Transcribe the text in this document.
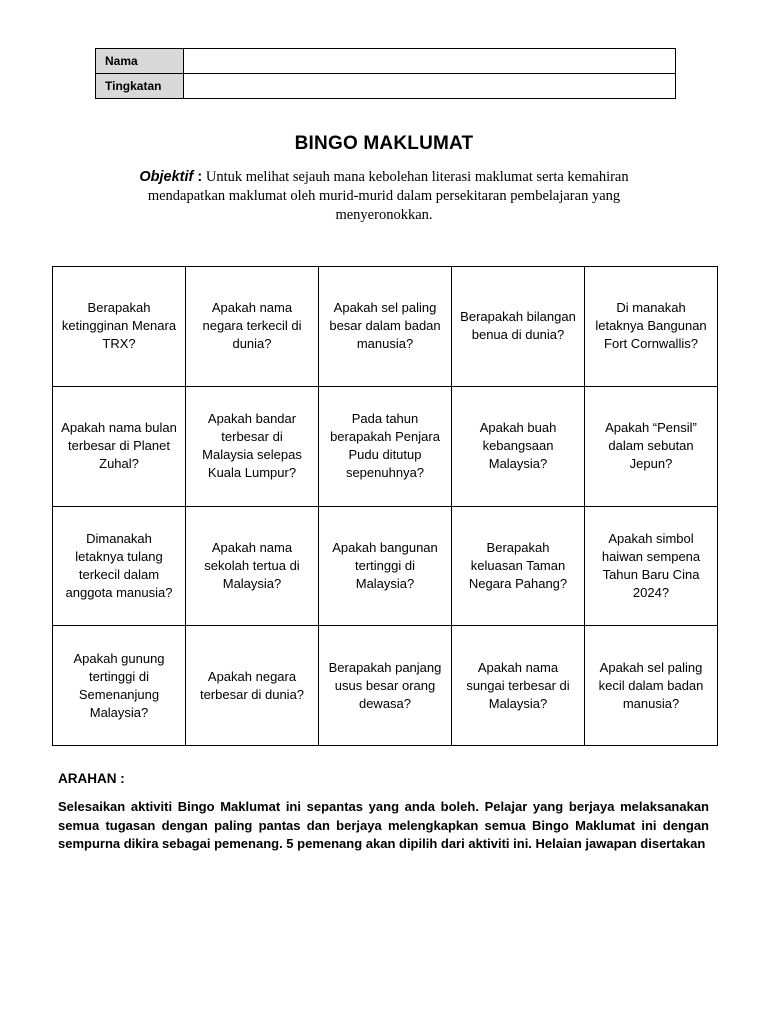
Nama	
Tingkatan	
BINGO MAKLUMAT
Objektif : Untuk melihat sejauh mana kebolehan literasi maklumat serta kemahiran mendapatkan maklumat oleh murid-murid dalam persekitaran pembelajaran yang menyeronokkan.
Berapakah ketingginan Menara TRX?	Apakah nama negara terkecil di dunia?	Apakah sel paling besar dalam badan manusia?	Berapakah bilangan benua di dunia?	Di manakah letaknya Bangunan Fort Cornwallis?
Apakah nama bulan terbesar di Planet Zuhal?	Apakah bandar terbesar di Malaysia selepas Kuala Lumpur?	Pada tahun berapakah Penjara Pudu ditutup sepenuhnya?	Apakah buah kebangsaan Malaysia?	Apakah “Pensil” dalam sebutan Jepun?
Dimanakah letaknya tulang terkecil dalam anggota manusia?	Apakah nama sekolah tertua di Malaysia?	Apakah bangunan tertinggi di Malaysia?	Berapakah keluasan Taman Negara Pahang?	Apakah simbol haiwan sempena Tahun Baru Cina 2024?
Apakah gunung tertinggi di Semenanjung Malaysia?	Apakah negara terbesar di dunia?	Berapakah panjang usus besar orang dewasa?	Apakah nama sungai terbesar di Malaysia?	Apakah sel paling kecil dalam badan manusia?
ARAHAN :
Selesaikan aktiviti Bingo Maklumat ini sepantas yang anda boleh. Pelajar yang berjaya melaksanakan semua tugasan dengan paling pantas dan berjaya melengkapkan semua Bingo Maklumat ini dengan sempurna dikira sebagai pemenang. 5 pemenang akan dipilih dari aktiviti ini. Helaian jawapan disertakan
